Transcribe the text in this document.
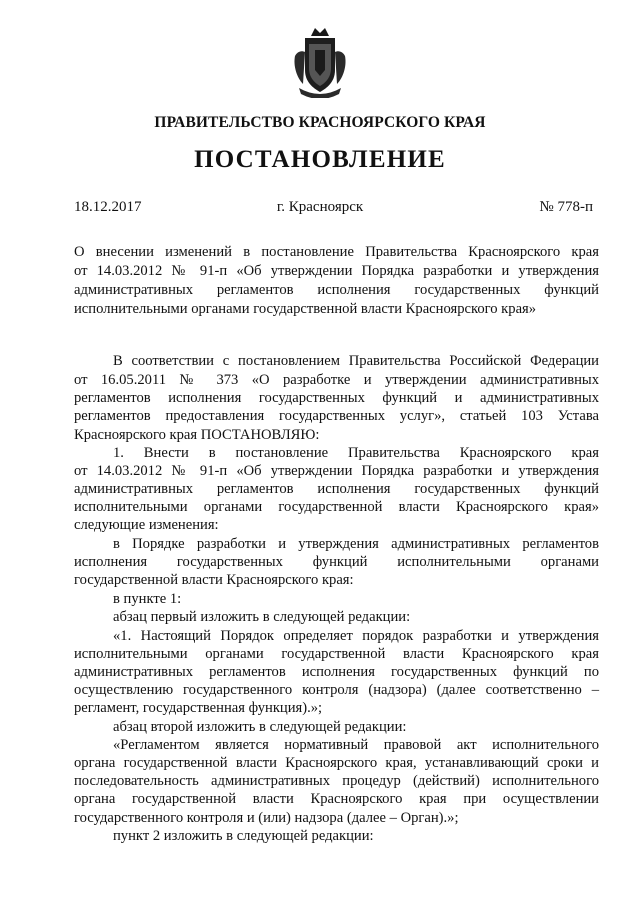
ПРАВИТЕЛЬСТВО КРАСНОЯРСКОГО КРАЯ
ПОСТАНОВЛЕНИЕ
18.12.2017	г. Красноярск	№ 778-п
О внесении изменений в постановление Правительства Красноярского края
от 14.03.2012 № 91-п «Об утверждении Порядка разработки и утверждения
административных регламентов исполнения государственных функций
исполнительными органами государственной власти Красноярского края»
В соответствии с постановлением Правительства Российской Федерации
от 16.05.2011 № 373 «О разработке и утверждении административных
регламентов исполнения государственных функций и административных
регламентов предоставления государственных услуг», статьей 103 Устава
Красноярского края ПОСТАНОВЛЯЮ:
1. Внести в постановление Правительства Красноярского края
от 14.03.2012 № 91-п «Об утверждении Порядка разработки и утверждения
административных регламентов исполнения государственных функций
исполнительными органами государственной власти Красноярского края»
следующие изменения:
в Порядке разработки и утверждения административных регламентов
исполнения государственных функций исполнительными органами
государственной власти Красноярского края:
в пункте 1:
абзац первый изложить в следующей редакции:
«1. Настоящий Порядок определяет порядок разработки и утверждения
исполнительными органами государственной власти Красноярского края
административных регламентов исполнения государственных функций по
осуществлению государственного контроля (надзора) (далее соответственно –
регламент, государственная функция).»;
абзац второй изложить в следующей редакции:
«Регламентом является нормативный правовой акт исполнительного
органа государственной власти Красноярского края, устанавливающий сроки и
последовательность административных процедур (действий) исполнительного
органа государственной власти Красноярского края при осуществлении
государственного контроля и (или) надзора (далее – Орган).»;
пункт 2 изложить в следующей редакции:
